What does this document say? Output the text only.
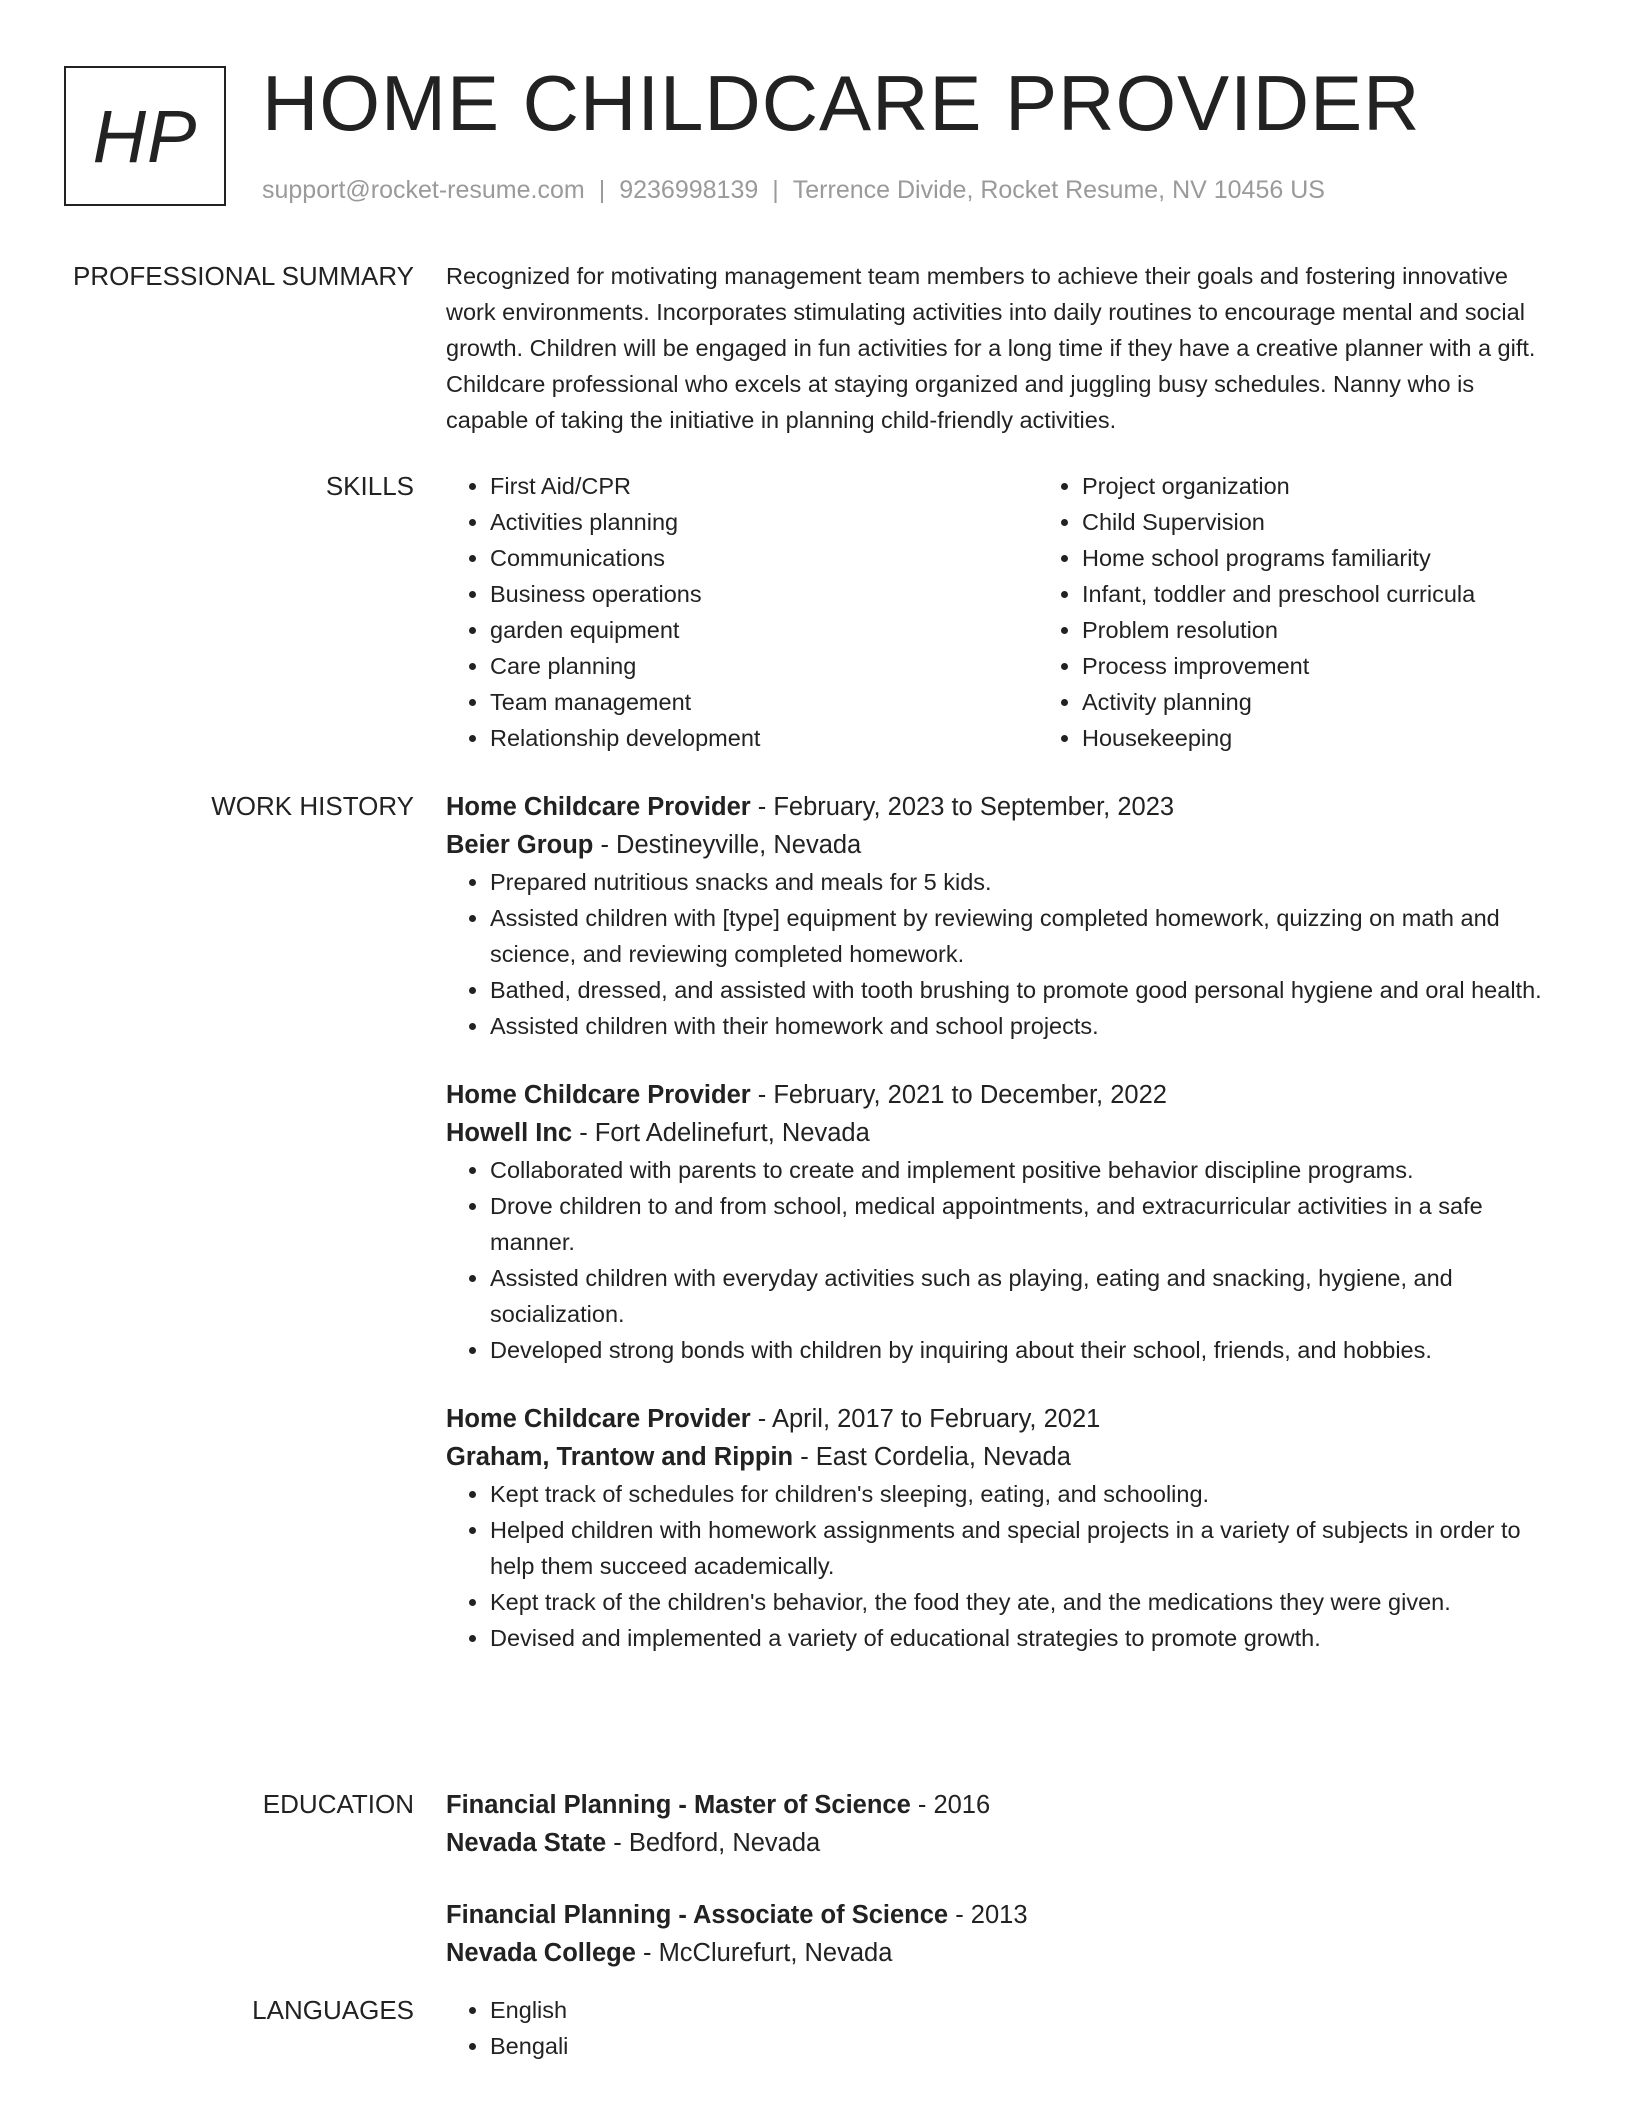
HP HOME CHILDCARE PROVIDER
support@rocket-resume.com | 9236998139 | Terrence Divide, Rocket Resume, NV 10456 US
PROFESSIONAL SUMMARY Recognized for motivating management team members to achieve their goals and fostering innovative work environments. Incorporates stimulating activities into daily routines to encourage mental and social growth. Children will be engaged in fun activities for a long time if they have a creative planner with a gift. Childcare professional who excels at staying organized and juggling busy schedules. Nanny who is capable of taking the initiative in planning child-friendly activities.

SKILLS	• First Aid/CPR
• Activities planning
• Communications
• Business operations
• garden equipment
• Care planning
• Team management
• Relationship development
• Project organization
• Child Supervision
• Home school programs familiarity
• Infant, toddler and preschool curricula
• Problem resolution
• Process improvement
• Activity planning
• Housekeeping
WORK HISTORY Home Childcare Provider - February, 2023 to September, 2023
Beier Group - Destineyville, Nevada
• Prepared nutritious snacks and meals for 5 kids.
• Assisted children with [type] equipment by reviewing completed homework, quizzing on math and science, and reviewing completed homework.
• Bathed, dressed, and assisted with tooth brushing to promote good personal hygiene and oral health.
• Assisted children with their homework and school projects.
Home Childcare Provider - February, 2021 to December, 2022
Howell Inc - Fort Adelinefurt, Nevada
• Collaborated with parents to create and implement positive behavior discipline programs.
• Drove children to and from school, medical appointments, and extracurricular activities in a safe manner.
• Assisted children with everyday activities such as playing, eating and snacking, hygiene, and socialization.
• Developed strong bonds with children by inquiring about their school, friends, and hobbies.
Home Childcare Provider - April, 2017 to February, 2021
Graham, Trantow and Rippin - East Cordelia, Nevada
• Kept track of schedules for children's sleeping, eating, and schooling.
• Helped children with homework assignments and special projects in a variety of subjects in order to help them succeed academically.
• Kept track of the children's behavior, the food they ate, and the medications they were given.
• Devised and implemented a variety of educational strategies to promote growth.
EDUCATION Financial Planning - Master of Science - 2016
Nevada State - Bedford, Nevada
Financial Planning - Associate of Science - 2013
Nevada College - McClurefurt, Nevada
LANGUAGES	• English
• Bengali
